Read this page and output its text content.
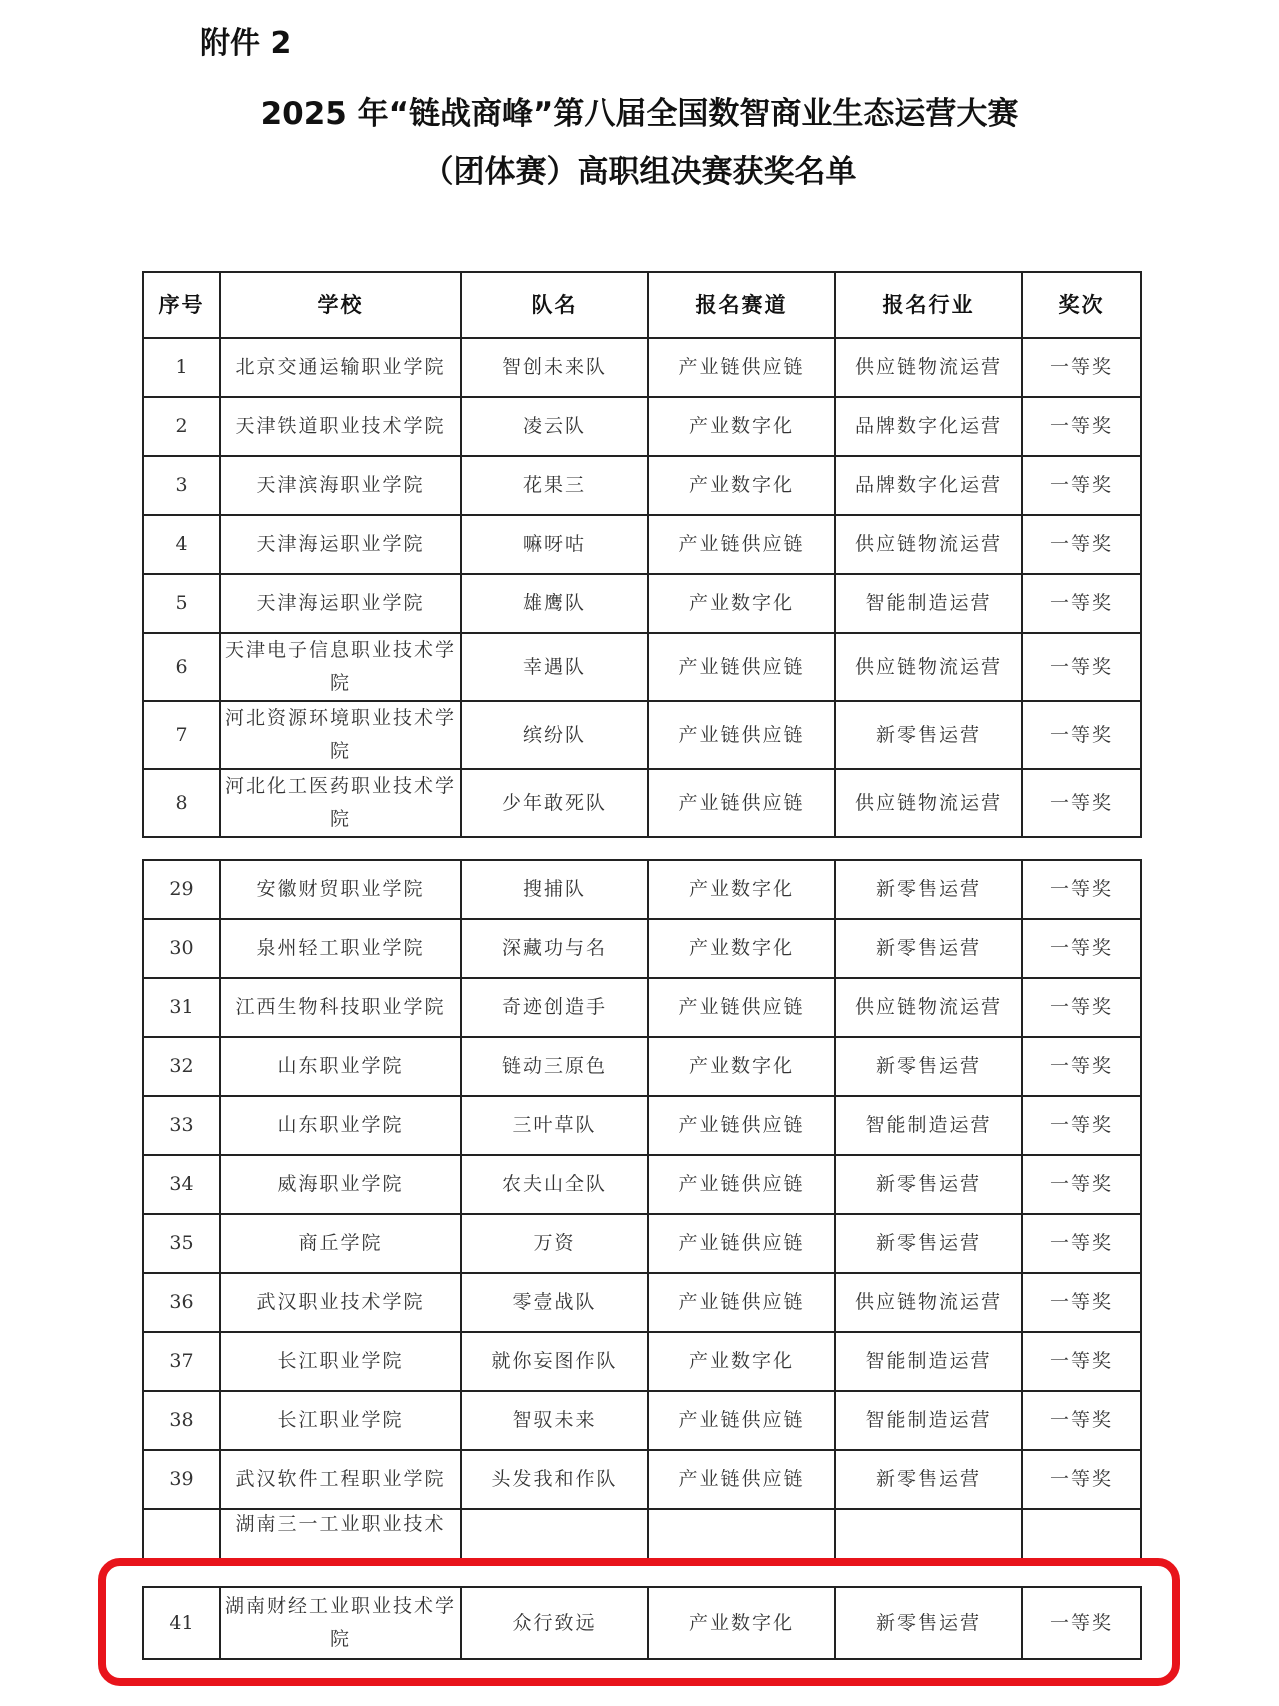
附件 2
2025 年“链战商峰”第八届全国数智商业生态运营大赛
（团体赛）高职组决赛获奖名单
序号	学校	队名	报名赛道	报名行业	奖次
1	北京交通运输职业学院	智创未来队	产业链供应链	供应链物流运营	一等奖
2	天津铁道职业技术学院	凌云队	产业数字化	品牌数字化运营	一等奖
3	天津滨海职业学院	花果三	产业数字化	品牌数字化运营	一等奖
4	天津海运职业学院	嘛呀咕	产业链供应链	供应链物流运营	一等奖
5	天津海运职业学院	雄鹰队	产业数字化	智能制造运营	一等奖
6	天津电子信息职业技术学院	幸遇队	产业链供应链	供应链物流运营	一等奖
7	河北资源环境职业技术学院	缤纷队	产业链供应链	新零售运营	一等奖
8	河北化工医药职业技术学院	少年敢死队	产业链供应链	供应链物流运营	一等奖
29	安徽财贸职业学院	搜捕队	产业数字化	新零售运营	一等奖
30	泉州轻工职业学院	深藏功与名	产业数字化	新零售运营	一等奖
31	江西生物科技职业学院	奇迹创造手	产业链供应链	供应链物流运营	一等奖
32	山东职业学院	链动三原色	产业数字化	新零售运营	一等奖
33	山东职业学院	三叶草队	产业链供应链	智能制造运营	一等奖
34	威海职业学院	农夫山全队	产业链供应链	新零售运营	一等奖
35	商丘学院	万资	产业链供应链	新零售运营	一等奖
36	武汉职业技术学院	零壹战队	产业链供应链	供应链物流运营	一等奖
37	长江职业学院	就你妄图作队	产业数字化	智能制造运营	一等奖
38	长江职业学院	智驭未来	产业链供应链	智能制造运营	一等奖
39	武汉软件工程职业学院	头发我和作队	产业链供应链	新零售运营	一等奖

	湖南三一工业职业技术				

41	湖南财经工业职业技术学院	众行致远	产业数字化	新零售运营	一等奖
